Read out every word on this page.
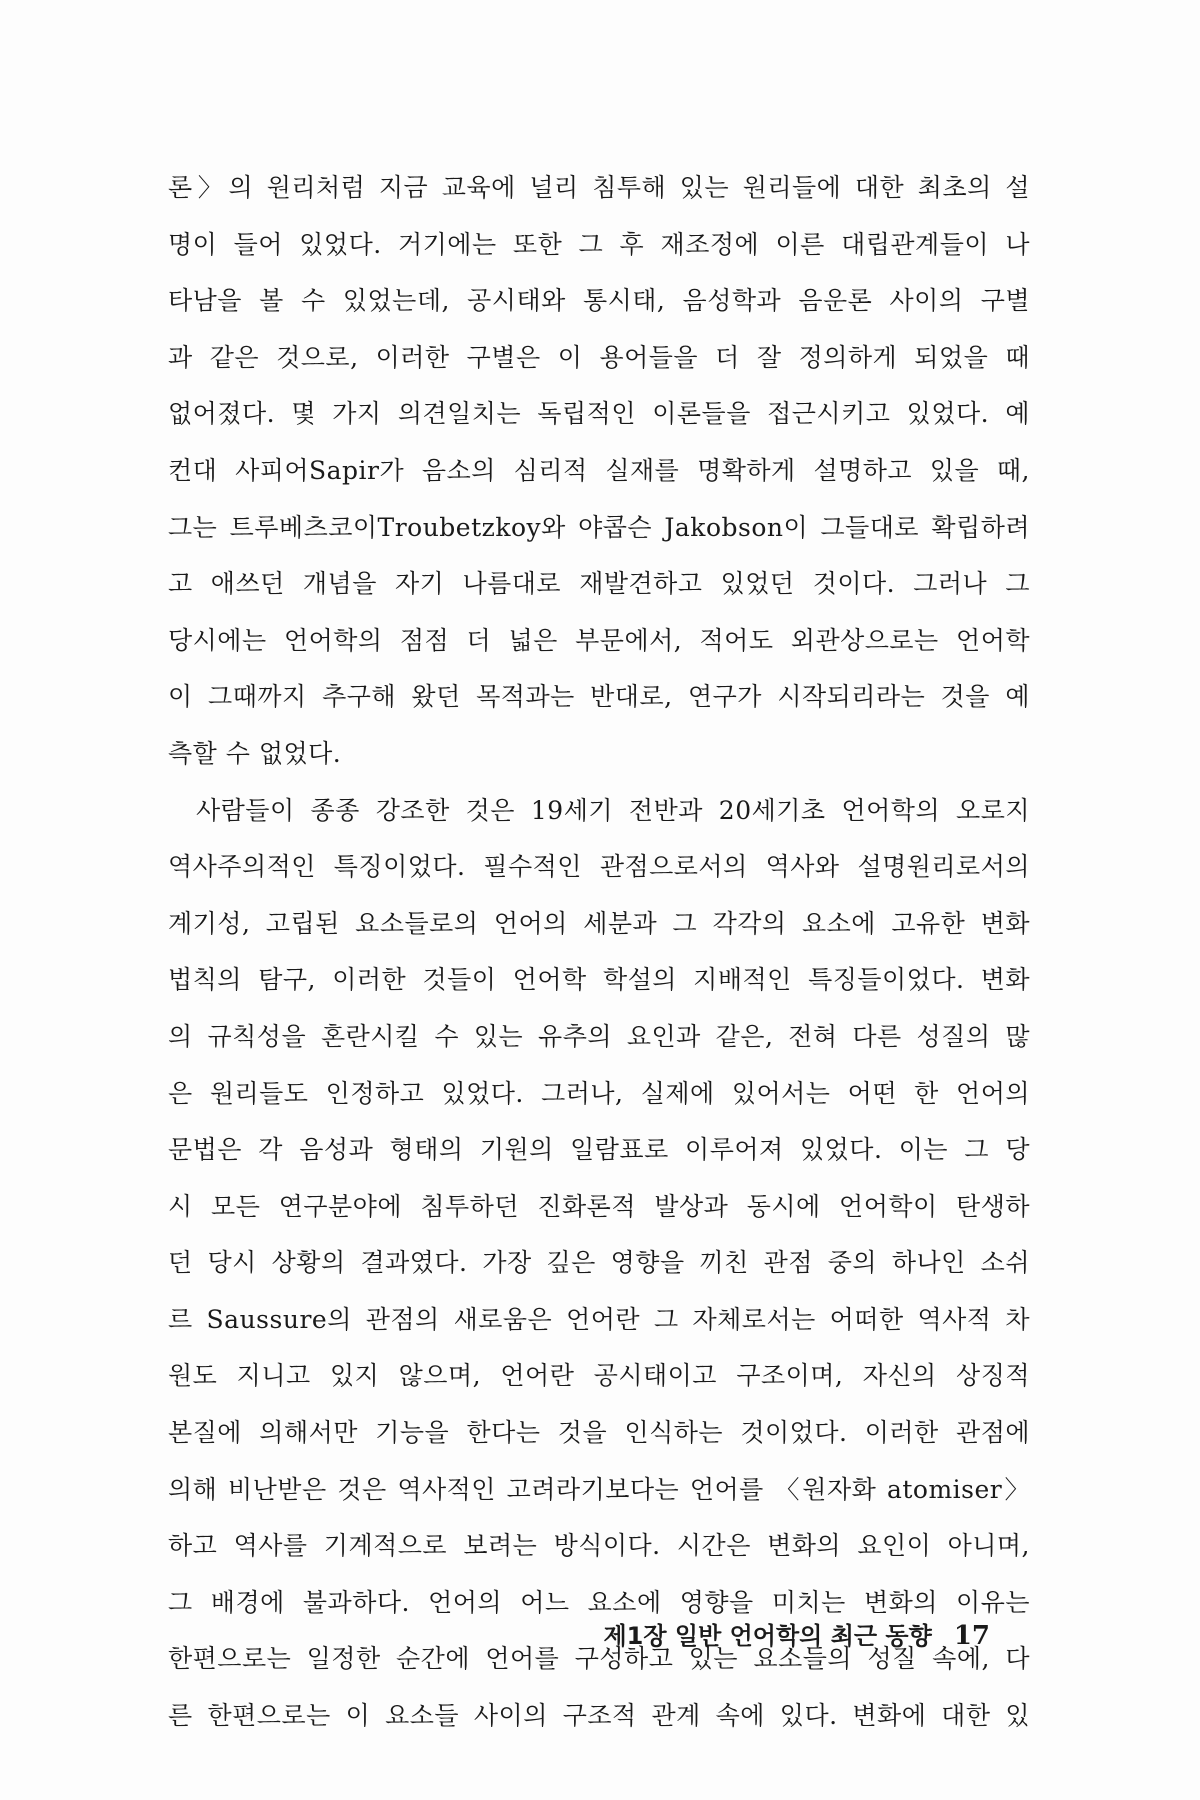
론〉의 원리처럼 지금 교육에 널리 침투해 있는 원리들에 대한 최초의 설
명이 들어 있었다. 거기에는 또한 그 후 재조정에 이른 대립관계들이 나
타남을 볼 수 있었는데, 공시태와 통시태, 음성학과 음운론 사이의 구별
과 같은 것으로, 이러한 구별은 이 용어들을 더 잘 정의하게 되었을 때
없어졌다. 몇 가지 의견일치는 독립적인 이론들을 접근시키고 있었다. 예
컨대 사피어Sapir가 음소의 심리적 실재를 명확하게 설명하고 있을 때,
그는 트루베츠코이Troubetzkoy와 야콥슨 Jakobson이 그들대로 확립하려
고 애쓰던 개념을 자기 나름대로 재발견하고 있었던 것이다. 그러나 그
당시에는 언어학의 점점 더 넓은 부문에서, 적어도 외관상으로는 언어학
이 그때까지 추구해 왔던 목적과는 반대로, 연구가 시작되리라는 것을 예
측할 수 없었다.
사람들이 종종 강조한 것은 19세기 전반과 20세기초 언어학의 오로지
역사주의적인 특징이었다. 필수적인 관점으로서의 역사와 설명원리로서의
계기성, 고립된 요소들로의 언어의 세분과 그 각각의 요소에 고유한 변화
법칙의 탐구, 이러한 것들이 언어학 학설의 지배적인 특징들이었다. 변화
의 규칙성을 혼란시킬 수 있는 유추의 요인과 같은, 전혀 다른 성질의 많
은 원리들도 인정하고 있었다. 그러나, 실제에 있어서는 어떤 한 언어의
문법은 각 음성과 형태의 기원의 일람표로 이루어져 있었다. 이는 그 당
시 모든 연구분야에 침투하던 진화론적 발상과 동시에 언어학이 탄생하
던 당시 상황의 결과였다. 가장 깊은 영향을 끼친 관점 중의 하나인 소쉬
르 Saussure의 관점의 새로움은 언어란 그 자체로서는 어떠한 역사적 차
원도 지니고 있지 않으며, 언어란 공시태이고 구조이며, 자신의 상징적
본질에 의해서만 기능을 한다는 것을 인식하는 것이었다. 이러한 관점에
의해 비난받은 것은 역사적인 고려라기보다는 언어를 〈원자화 atomiser〉
하고 역사를 기계적으로 보려는 방식이다. 시간은 변화의 요인이 아니며,
그 배경에 불과하다. 언어의 어느 요소에 영향을 미치는 변화의 이유는
한편으로는 일정한 순간에 언어를 구성하고 있는 요소들의 성질 속에, 다
른 한편으로는 이 요소들 사이의 구조적 관계 속에 있다. 변화에 대한 있
제1장 일반 언어학의 최근 동향 17
